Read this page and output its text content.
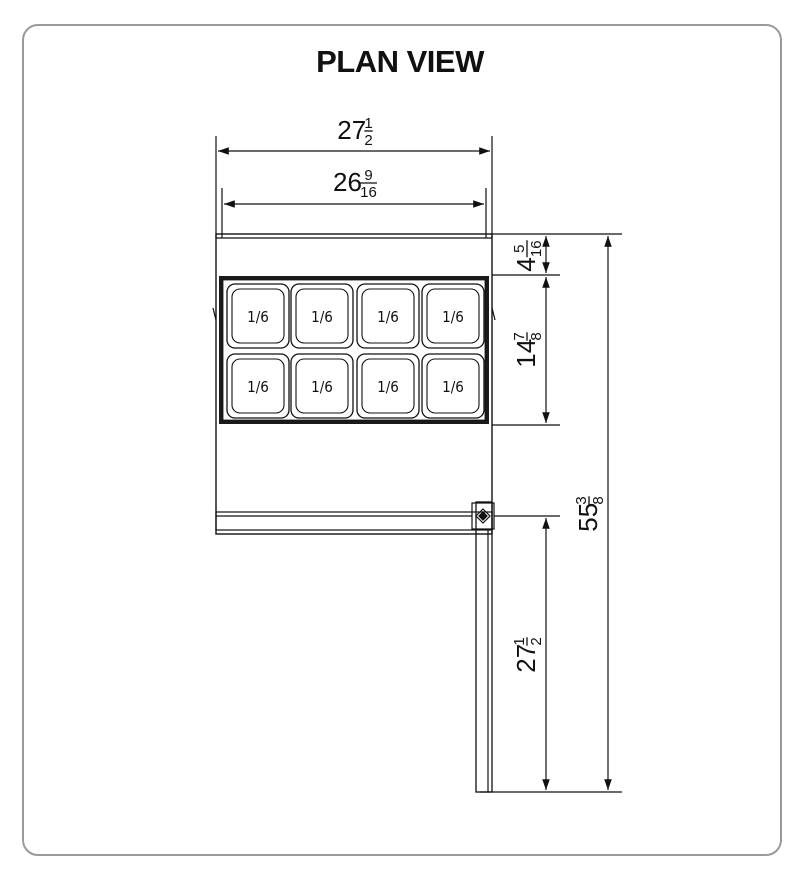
PLAN VIEW
1/6	1/6	1/6	1/6
1/6	1/6	1/6	1/6
27
1
2
26 9
16
4
5 16
14
7 8
55
3 8
27
1 2
